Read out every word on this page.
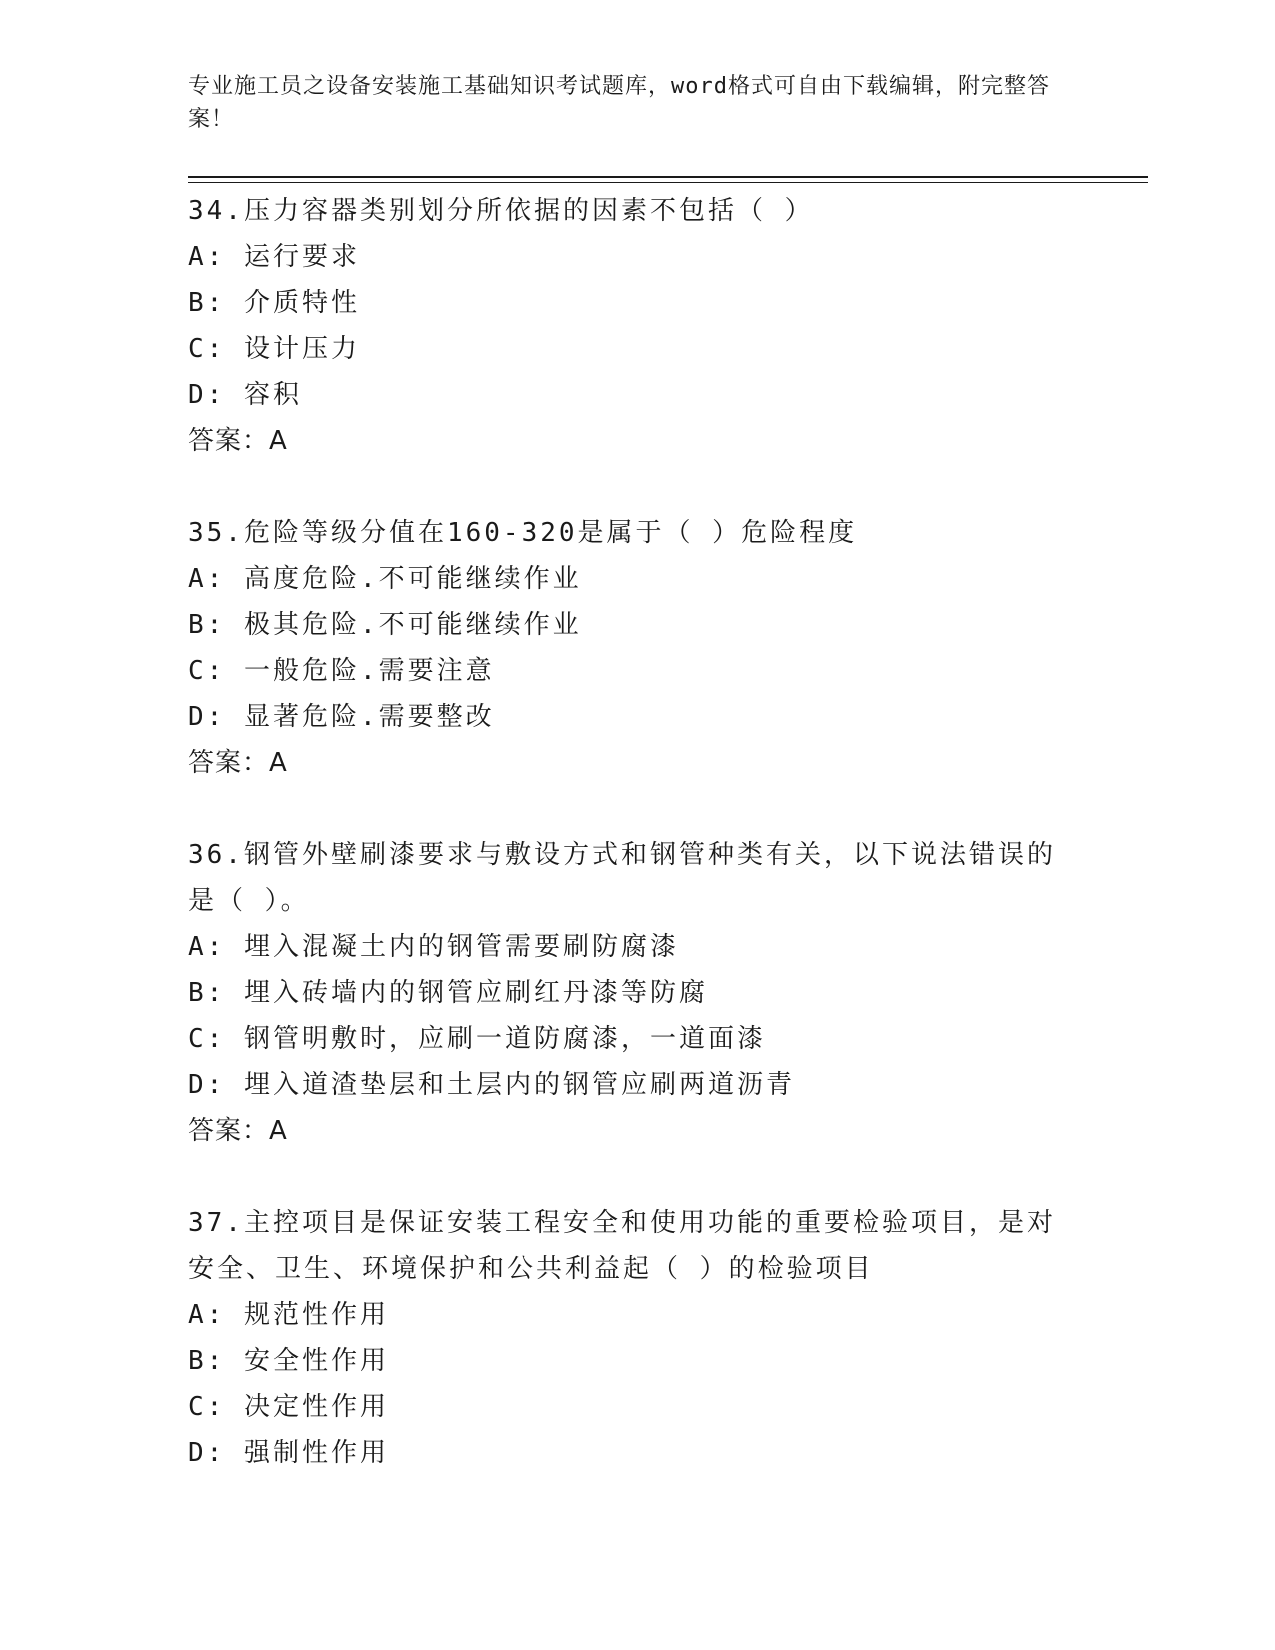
专业施工员之设备安装施工基础知识考试题库，word格式可自由下载编辑，附完整答案！
34.压力容器类别划分所依据的因素不包括（ ）
A: 运行要求
B: 介质特性
C: 设计压力
D: 容积
答案：A
35.危险等级分值在160-320是属于（ ）危险程度
A: 高度危险.不可能继续作业
B: 极其危险.不可能继续作业
C: 一般危险.需要注意
D: 显著危险.需要整改
答案：A
36.钢管外壁刷漆要求与敷设方式和钢管种类有关，以下说法错误的是（ ）。
A: 埋入混凝土内的钢管需要刷防腐漆
B: 埋入砖墙内的钢管应刷红丹漆等防腐
C: 钢管明敷时，应刷一道防腐漆，一道面漆
D: 埋入道渣垫层和土层内的钢管应刷两道沥青
答案：A
37.主控项目是保证安装工程安全和使用功能的重要检验项目，是对安全、卫生、环境保护和公共利益起（ ）的检验项目
A: 规范性作用
B: 安全性作用
C: 决定性作用
D: 强制性作用
